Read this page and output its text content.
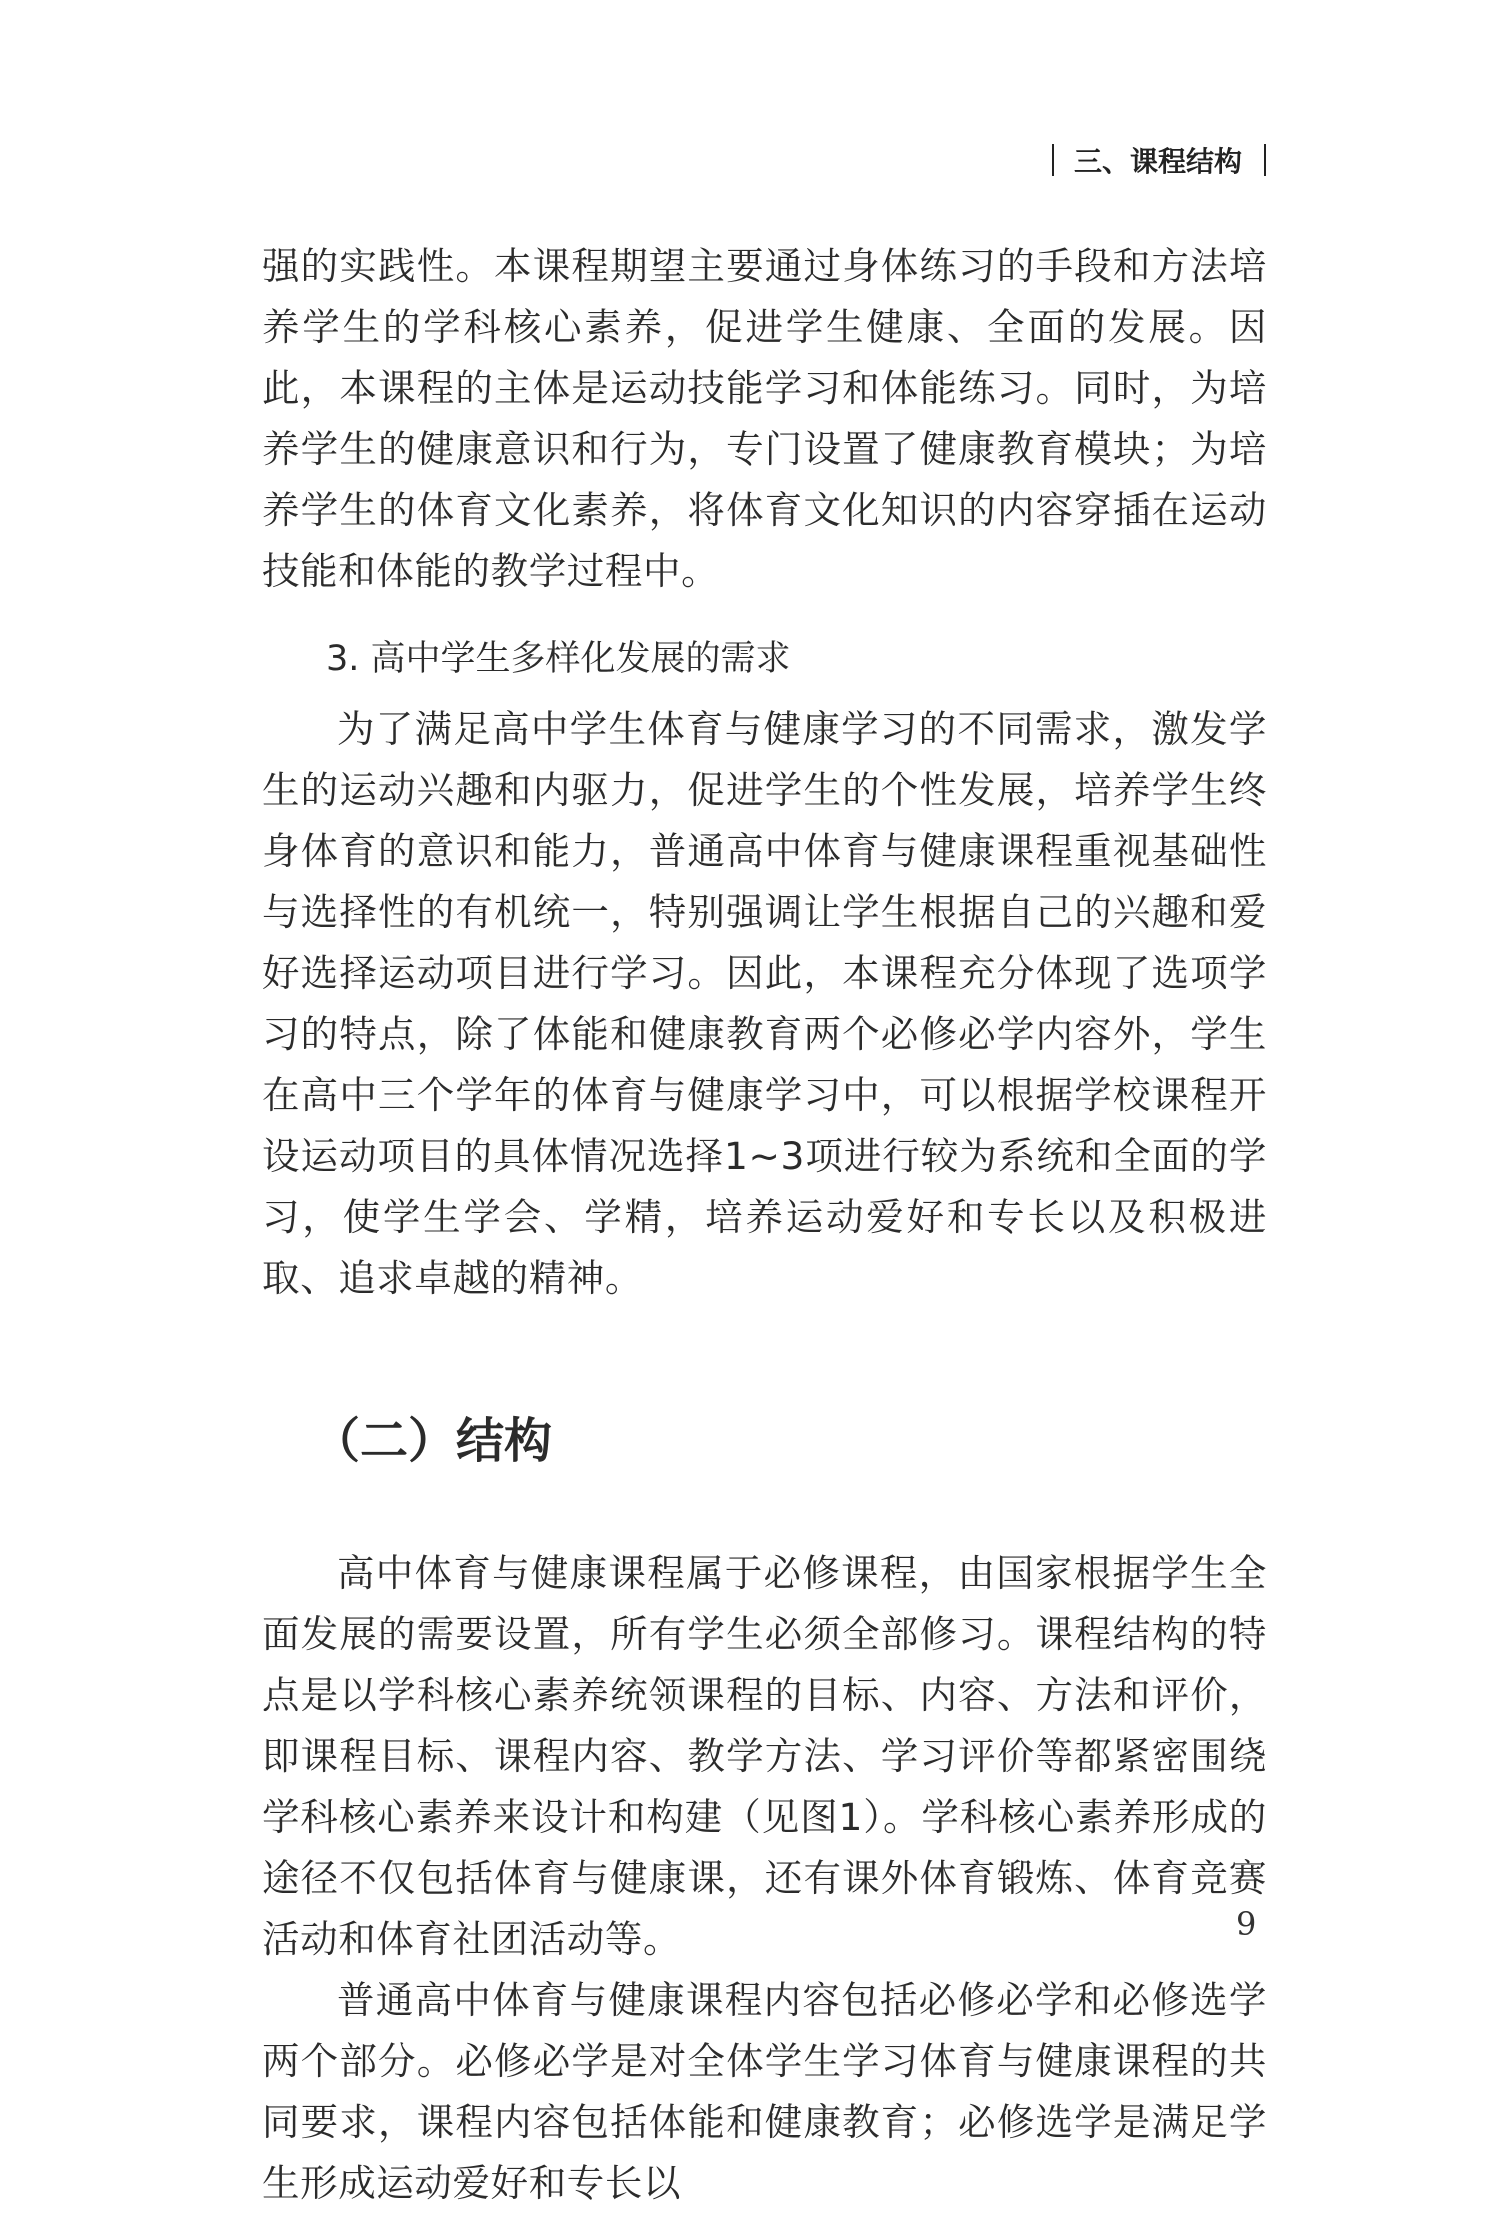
三、课程结构

强的实践性。本课程期望主要通过身体练习的手段和方法培养学生的学科核心素养，促进学生健康、全面的发展。因此，本课程的主体是运动技能学习和体能练习。同时，为培养学生的健康意识和行为，专门设置了健康教育模块；为培养学生的体育文化素养，将体育文化知识的内容穿插在运动技能和体能的教学过程中。

3. 高中学生多样化发展的需求

为了满足高中学生体育与健康学习的不同需求，激发学生的运动兴趣和内驱力，促进学生的个性发展，培养学生终身体育的意识和能力，普通高中体育与健康课程重视基础性与选择性的有机统一，特别强调让学生根据自己的兴趣和爱好选择运动项目进行学习。因此，本课程充分体现了选项学习的特点，除了体能和健康教育两个必修必学内容外，学生在高中三个学年的体育与健康学习中，可以根据学校课程开设运动项目的具体情况选择1~3项进行较为系统和全面的学习，使学生学会、学精，培养运动爱好和专长以及积极进取、追求卓越的精神。

（二）结构

高中体育与健康课程属于必修课程，由国家根据学生全面发展的需要设置，所有学生必须全部修习。课程结构的特点是以学科核心素养统领课程的目标、内容、方法和评价，即课程目标、课程内容、教学方法、学习评价等都紧密围绕学科核心素养来设计和构建（见图1）。学科核心素养形成的途径不仅包括体育与健康课，还有课外体育锻炼、体育竞赛活动和体育社团活动等。

普通高中体育与健康课程内容包括必修必学和必修选学两个部分。必修必学是对全体学生学习体育与健康课程的共同要求，课程内容包括体能和健康教育；必修选学是满足学生形成运动爱好和专长以

9
